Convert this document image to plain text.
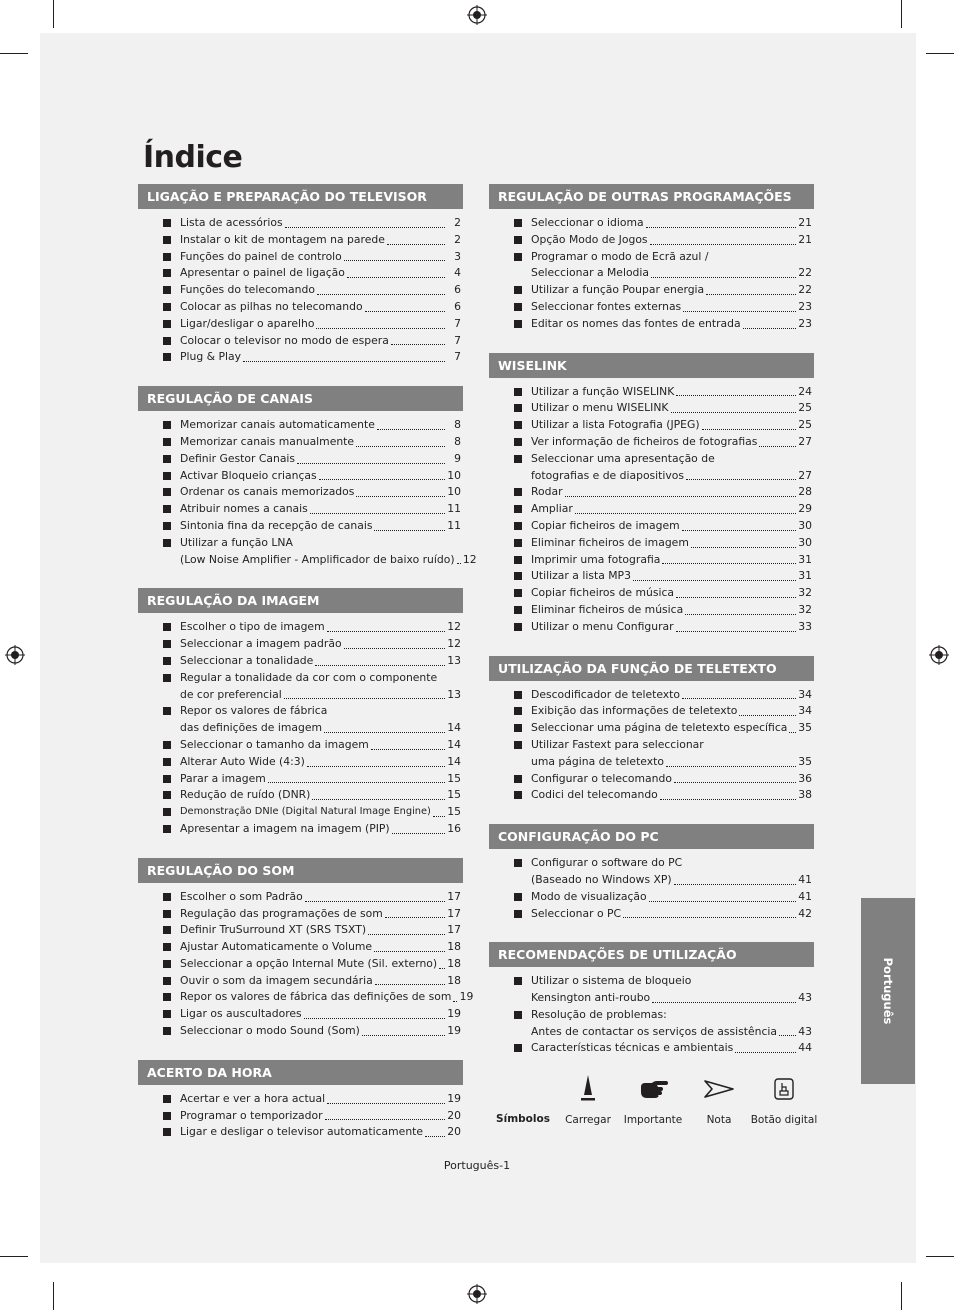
Índice
LIGAÇÃO E PREPARAÇÃO DO TELEVISOR
Lista de acessórios	2
Instalar o kit de montagem na parede	2
Funções do painel de controlo	3
Apresentar o painel de ligação	4
Funções do telecomando	6
Colocar as pilhas no telecomando	6
Ligar/desligar o aparelho	7
Colocar o televisor no modo de espera	7
Plug & Play	7
REGULAÇÃO DE CANAIS
Memorizar canais automaticamente	8
Memorizar canais manualmente	8
Definir Gestor Canais	9
Activar Bloqueio crianças	10
Ordenar os canais memorizados	10
Atribuir nomes a canais	11
Sintonia fina da recepção de canais	11
Utilizar a função LNA
(Low Noise Amplifier - Amplificador de baixo ruído) 12
REGULAÇÃO DA IMAGEM
Escolher o tipo de imagem	12
Seleccionar a imagem padrão	12
Seleccionar a tonalidade	13
Regular a tonalidade da cor com o componente
de cor preferencial	13
Repor os valores de fábrica
das definições de imagem	14
Seleccionar o tamanho da imagem	14
Alterar Auto Wide (4:3)	14
Parar a imagem	15
Redução de ruído (DNR)	15
Demonstração DNIe (Digital Natural Image Engine) 15
Apresentar a imagem na imagem (PIP)	16
REGULAÇÃO DO SOM
Escolher o som Padrão	17
Regulação das programações de som	17
Definir TruSurround XT (SRS TSXT)	17
Ajustar Automaticamente o Volume	18
Seleccionar a opção Internal Mute (Sil. externo) 18
Ouvir o som da imagem secundária	18
Repor os valores de fábrica das definições de som 19
Ligar os auscultadores	19
Seleccionar o modo Sound (Som)	19
ACERTO DA HORA
Acertar e ver a hora actual	19
Programar o temporizador	20
Ligar e desligar o televisor automaticamente 20
REGULAÇÃO DE OUTRAS PROGRAMAÇÕES
Seleccionar o idioma	21
Opção Modo de Jogos	21
Programar o modo de Ecrã azul /
Seleccionar a Melodia	22
Utilizar a função Poupar energia	22
Seleccionar fontes externas	23
Editar os nomes das fontes de entrada	23
WISELINK
Utilizar a função WISELINK	24
Utilizar o menu WISELINK	25
Utilizar a lista Fotografia (JPEG)	25
Ver informação de ficheiros de fotografias	27
Seleccionar uma apresentação de
fotografias e de diapositivos	27
Rodar	28
Ampliar	29
Copiar ficheiros de imagem	30
Eliminar ficheiros de imagem	30
Imprimir uma fotografia	31
Utilizar a lista MP3	31
Copiar ficheiros de música	32
Eliminar ficheiros de música	32
Utilizar o menu Configurar	33
UTILIZAÇÃO DA FUNÇÃO DE TELETEXTO
Descodificador de teletexto	34
Exibição das informações de teletexto	34
Seleccionar uma página de teletexto específica 35
Utilizar Fastext para seleccionar
uma página de teletexto	35
Configurar o telecomando	36
Codici del telecomando	38
CONFIGURAÇÃO DO PC
Configurar o software do PC
(Baseado no Windows XP)	41
Modo de visualização	41
Seleccionar o PC	42
RECOMENDAÇÕES DE UTILIZAÇÃO
Utilizar o sistema de bloqueio
Kensington anti-roubo	43
Resolução de problemas:
Antes de contactar os serviços de assistência 43
Características técnicas e ambientais	44
Símbolos	Carregar	Importante	Nota	Botão digital
Português
Português-1
